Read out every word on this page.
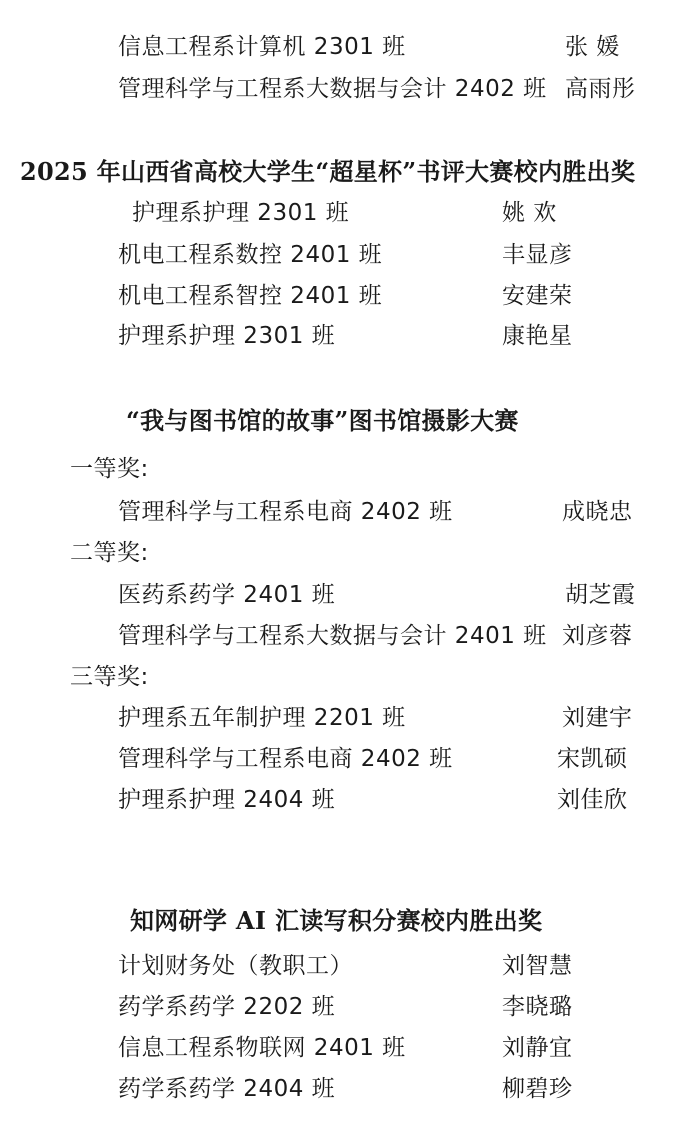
信息工程系计算机 2301 班	张 媛
管理科学与工程系大数据与会计 2402 班 高雨彤
2025 年山西省高校大学生“超星杯”书评大赛校内胜出奖
护理系护理 2301 班	姚 欢
机电工程系数控 2401 班	丰显彦
机电工程系智控 2401 班	安建荣
护理系护理 2301 班	康艳星
“我与图书馆的故事”图书馆摄影大赛
一等奖:
管理科学与工程系电商 2402 班	成晓忠
二等奖:
医药系药学 2401 班	胡芝霞
管理科学与工程系大数据与会计 2401 班 刘彦蓉
三等奖:
护理系五年制护理 2201 班	刘建宇
管理科学与工程系电商 2402 班	宋凯硕
护理系护理 2404 班	刘佳欣
知网研学 AI 汇读写积分赛校内胜出奖
计划财务处（教职工）	刘智慧
药学系药学 2202 班	李晓璐
信息工程系物联网 2401 班	刘静宜
药学系药学 2404 班	柳碧珍
